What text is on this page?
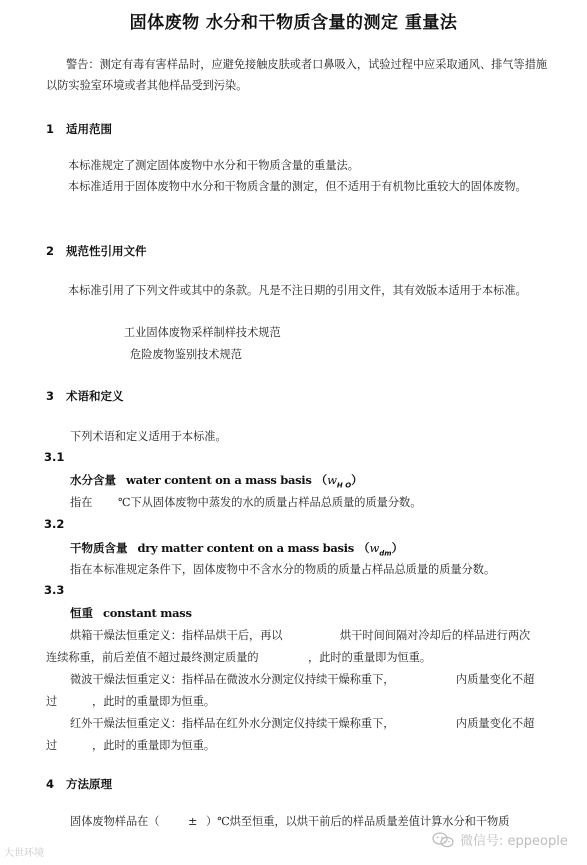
固体废物 水分和干物质含量的测定 重量法
警告：测定有毒有害样品时，应避免接触皮肤或者口鼻吸入，试验过程中应采取通风、排气等措施以防实验室环境或者其他样品受到污染。
1 适用范围
本标准规定了测定固体废物中水分和干物质含量的重量法。
本标准适用于固体废物中水分和干物质含量的测定，但不适用于有机物比重较大的固体废物。
2 规范性引用文件
本标准引用了下列文件或其中的条款。凡是不注日期的引用文件，其有效版本适用于本标准。
工业固体废物采样制样技术规范
危险废物鉴别技术规范
3 术语和定义
下列术语和定义适用于本标准。
3.1
水分含量 water content on a mass basis $(w_{H O})$
指在 ℃下从固体废物中蒸发的水的质量占样品总质量的质量分数。
3.2
干物质含量 dry matter content on a mass basis $(w_{dm})$
指在本标准规定条件下，固体废物中不含水分的物质的质量占样品总质量的质量分数。
3.3
恒重 constant mass
烘箱干燥法恒重定义：指样品烘干后，再以	烘干时间间隔对冷却后的样品进行两次
连续称重，前后差值不超过最终测定质量的	，此时的重量即为恒重。
微波干燥法恒重定义：指样品在微波水分测定仪持续干燥称重下，	内质量变化不超
过	，此时的重量即为恒重。
红外干燥法恒重定义：指样品在红外水分测定仪持续干燥称重下，	内质量变化不超
过	，此时的重量即为恒重。
4 方法原理
固体废物样品在（	± ）℃烘至恒重，以烘干前后的样品质量差值计算水分和干物质
大世环境
微信号: eppeople
